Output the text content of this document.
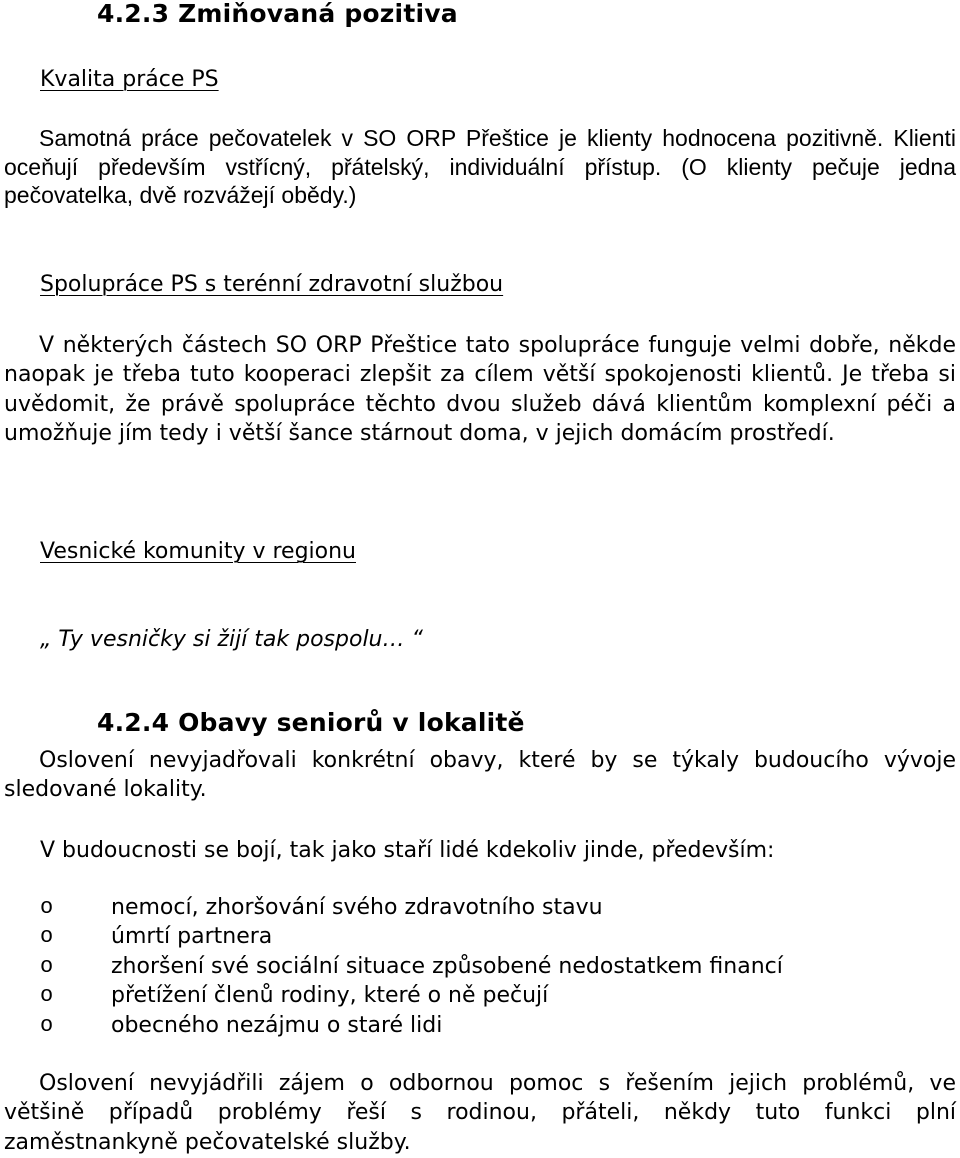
4.2.3 Zmiňovaná pozitiva
Kvalita práce PS

Samotná práce pečovatelek v SO ORP Přeštice je klienty hodnocena pozitivně. Klienti oceňují především vstřícný, přátelský, individuální přístup. (O klienty pečuje jedna pečovatelka, dvě rozvážejí obědy.)

Spolupráce PS s terénní zdravotní službou

V některých částech SO ORP Přeštice tato spolupráce funguje velmi dobře, někde naopak je třeba tuto kooperaci zlepšit za cílem větší spokojenosti klientů. Je třeba si uvědomit, že právě spolupráce těchto dvou služeb dává klientům komplexní péči a umožňuje jím tedy i větší šance stárnout doma, v jejich domácím prostředí.

Vesnické komunity v regionu
„ Ty vesničky si žijí tak pospolu… “
4.2.4 Obavy seniorů v lokalitě

Oslovení nevyjadřovali konkrétní obavy, které by se týkaly budoucího vývoje sledované lokality.

V budoucnosti se bojí, tak jako staří lidé kdekoliv jinde, především:

o	nemocí, zhoršování svého zdravotního stavu
o	úmrtí partnera
o	zhoršení své sociální situace způsobené nedostatkem financí
o	přetížení členů rodiny, které o ně pečují
o	obecného nezájmu o staré lidi

Oslovení nevyjádřili zájem o odbornou pomoc s řešením jejich problémů, ve většině případů problémy řeší s rodinou, přáteli, někdy tuto funkci plní zaměstnankyně pečovatelské služby.
